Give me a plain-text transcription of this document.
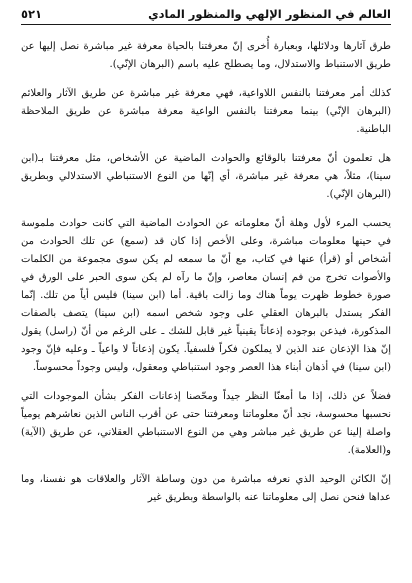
العالم في المنظور الإلهي والمنظور المادي
٥٢١

طرق آثارها ودلائلها، وبعبارة أُخرى إنّ معرفتنا بالحياة معرفة غير مباشرة نصل إليها عن طريق الاستنباط والاستدلال، وما يصطلح عليه باسم (البرهان الإنّي).

كذلك أمر معرفتنا بالنفس اللاواعية، فهي معرفة غير مباشرة عن طريق الآثار والعلائم (البرهان الإنّي) بينما معرفتنا بالنفس الواعية معرفة مباشرة عن طريق الملاحظة الباطنية.

هل تعلمون أنّ معرفتنا بالوقائع والحوادث الماضية عن الأشخاص، مثل معرفتنا بـ(ابن سينا)، مثلاً، هي معرفة غير مباشرة، أي إنّها من النوع الاستنباطي الاستدلالي وبطريق (البرهان الإنّي).

يحسب المرء لأول وهلة أنّ معلوماته عن الحوادث الماضية التي كانت حوادث ملموسة في حينها معلومات مباشرة، وعلى الأخص إذا كان قد (سمع) عن تلك الحوادث من أشخاص أو (قرأ) عنها في كتاب، مع أنّ ما سمعه لم يكن سوى مجموعة من الكلمات والأصوات تخرج من فم إنسان معاصر، وإنّ ما رآه لم يكن سوى الحبر على الورق في صورة خطوط ظهرت يوماً هناك وما زالت باقية. أما (ابن سينا) فليس أياً من تلك. إنّما الفكر يستدل بالبرهان العقلي على وجود شخص اسمه (ابن سينا) يتصف بالصفات المذكورة، فيذعن بوجوده إذعاناً يقينياً غير قابل للشك ـ على الرغم من أنّ (راسل) يقول إنّ هذا الإذعان عند الذين لا يملكون فكراً فلسفياً. يكون إذعاناً لا واعياً ـ وعليه فإنّ وجود (ابن سينا) في أذهان أبناء هذا العصر وجود استنباطي ومعقول، وليس وجوداً محسوساً.

فضلاً عن ذلك، إذا ما أمعنّا النظر جيداً ومحّصنا إذعانات الفكر بشأن الموجودات التي نحسبها محسوسة، نجد أنّ معلوماتنا ومعرفتنا حتى عن أقرب الناس الذين نعاشرهم يومياً واصلة إلينا عن طريق غير مباشر وهي من النوع الاستنباطي العقلاني، عن طريق (الآية) و(العلامة).

إنّ الكائن الوحيد الذي نعرفه مباشرة من دون وساطة الآثار والعلاقات هو نفسنا، وما عداها فنحن نصل إلى معلوماتنا عنه بالواسطة وبطريق غير
